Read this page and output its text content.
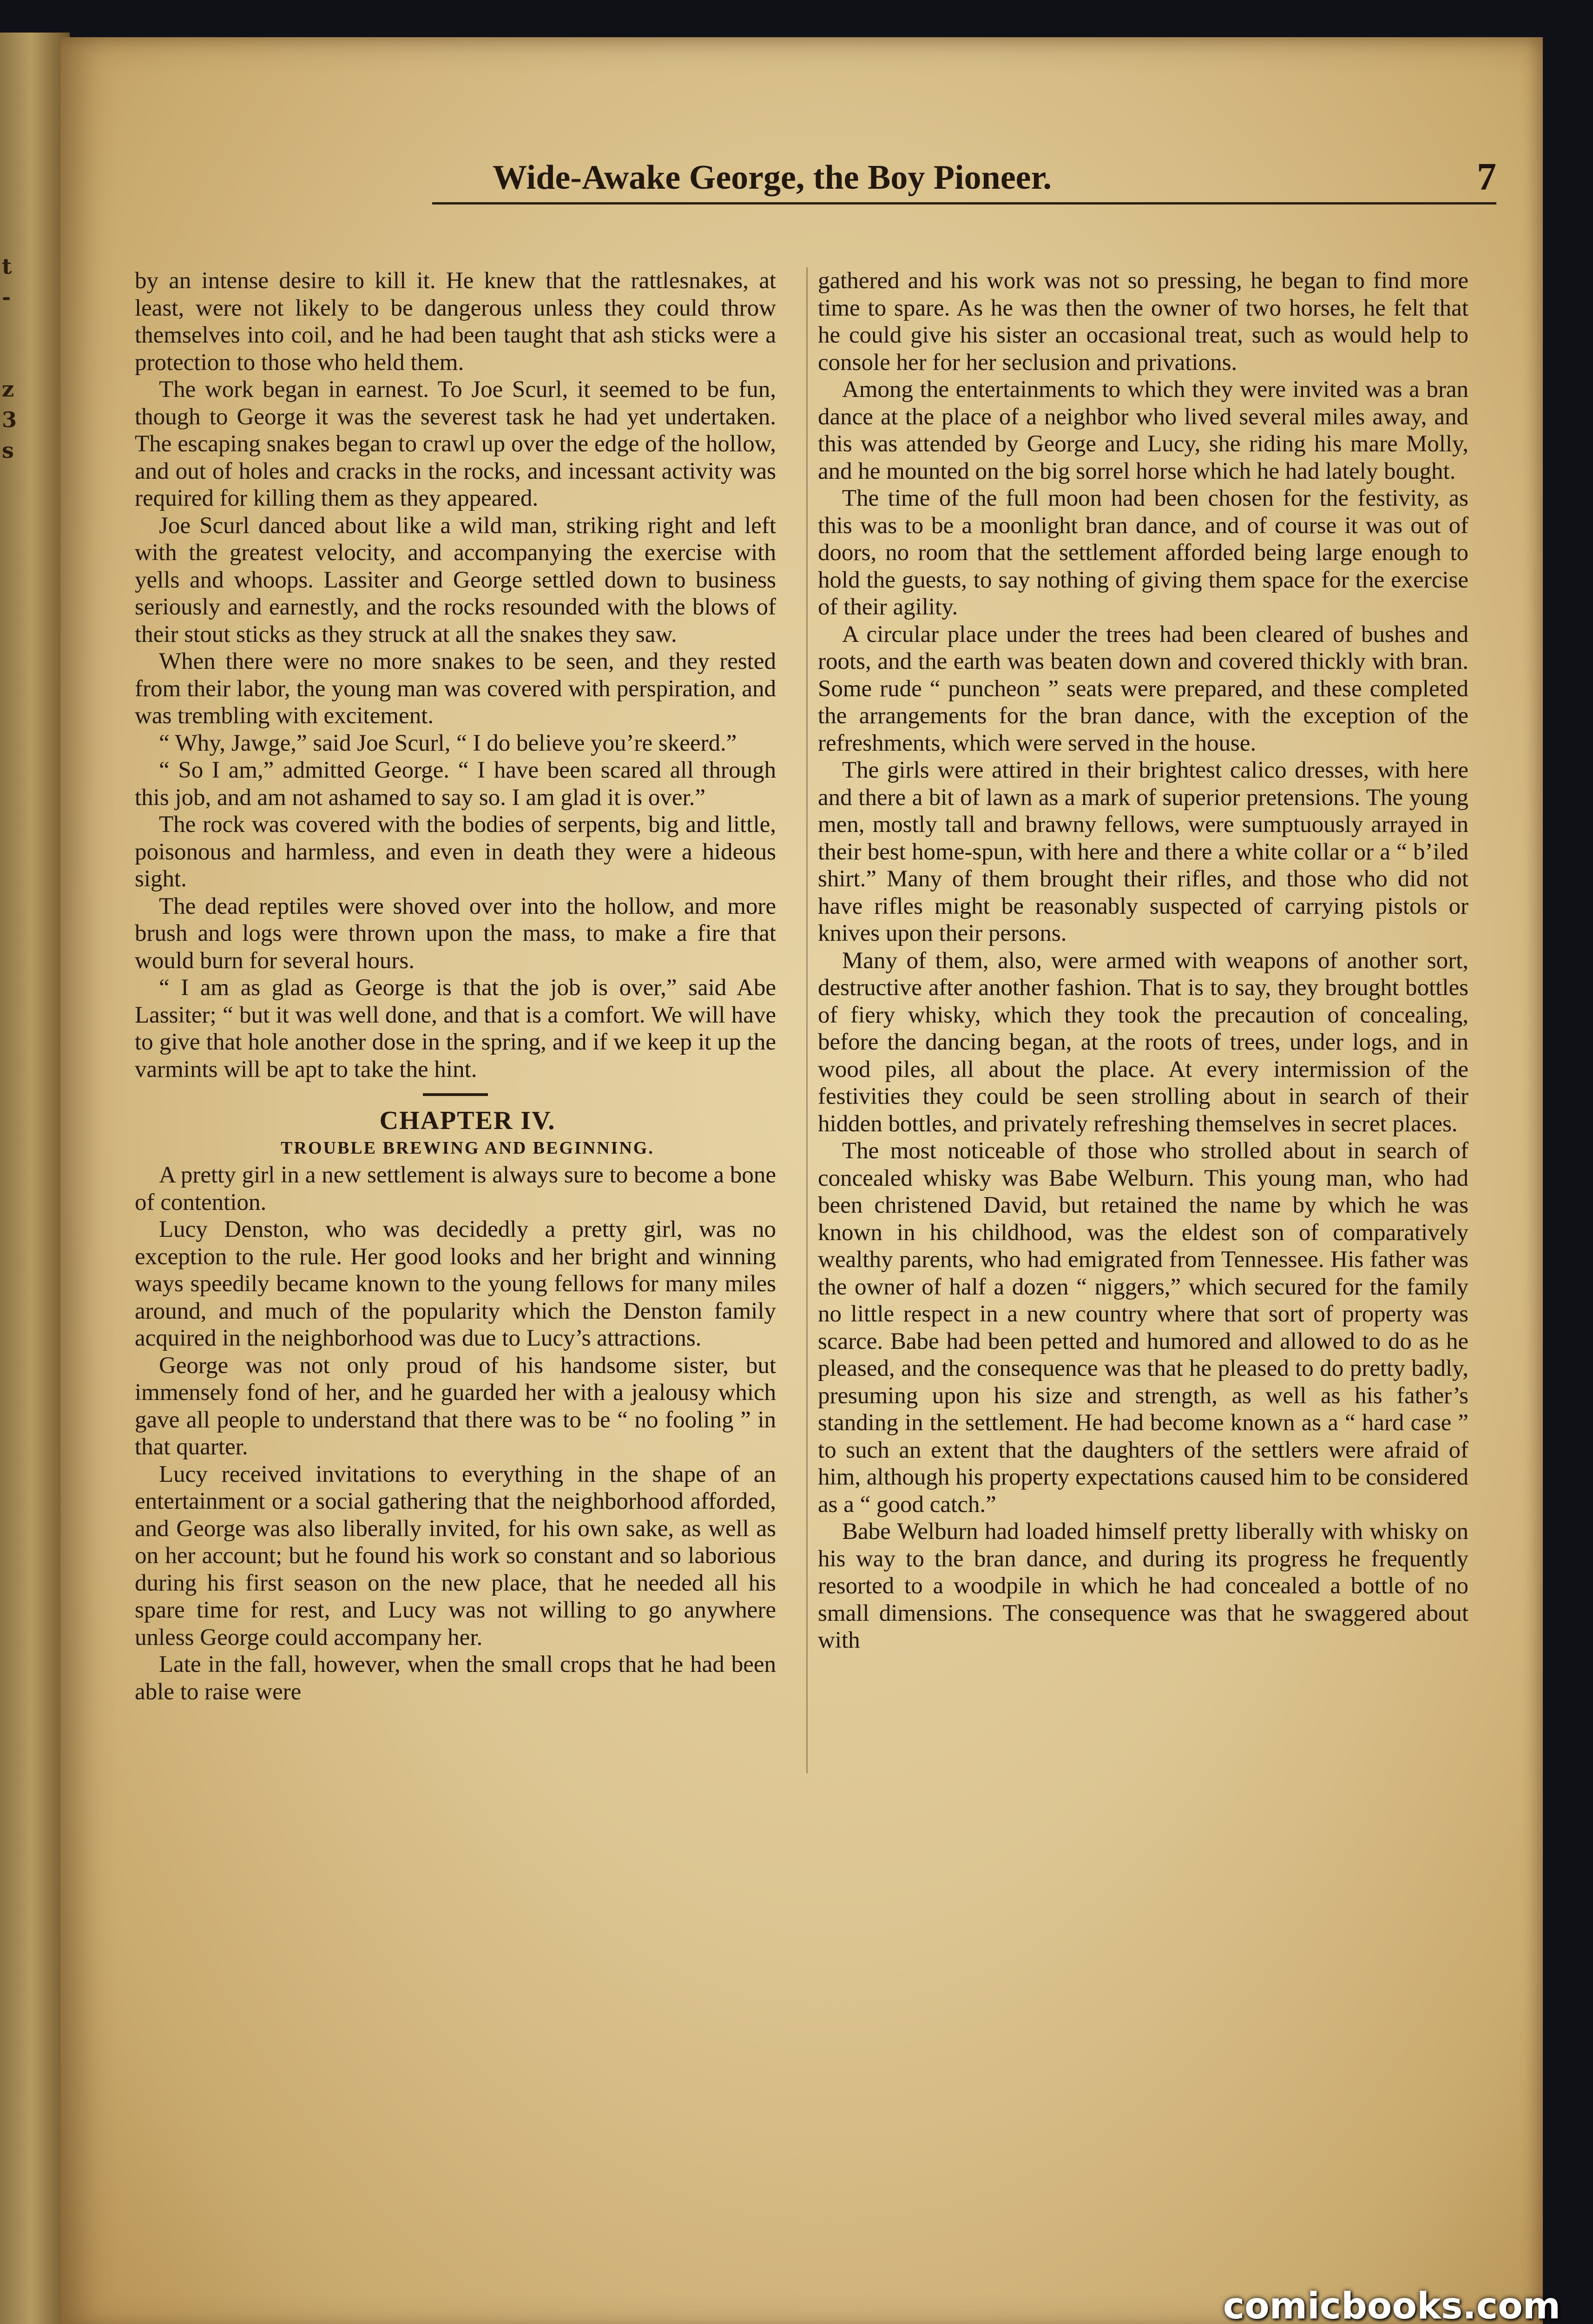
t
-
z
3
s
Wide-Awake George, the Boy Pioneer.	7

by an intense desire to kill it. He knew that the rattlesnakes, at least, were not likely to be dangerous unless they could throw themselves into coil, and he had been taught that ash sticks were a protection to those who held them.

The work began in earnest. To Joe Scurl, it seemed to be fun, though to George it was the severest task he had yet undertaken. The escaping snakes began to crawl up over the edge of the hollow, and out of holes and cracks in the rocks, and incessant activity was required for killing them as they appeared.

Joe Scurl danced about like a wild man, striking right and left with the greatest velocity, and accompanying the exercise with yells and whoops. Lassiter and George settled down to business seriously and earnestly, and the rocks resounded with the blows of their stout sticks as they struck at all the snakes they saw.

When there were no more snakes to be seen, and they rested from their labor, the young man was covered with perspiration, and was trembling with excitement.

“ Why, Jawge,” said Joe Scurl, “ I do believe you’re skeerd.”

“ So I am,” admitted George. “ I have been scared all through this job, and am not ashamed to say so. I am glad it is over.”

The rock was covered with the bodies of serpents, big and little, poisonous and harmless, and even in death they were a hideous sight.

The dead reptiles were shoved over into the hollow, and more brush and logs were thrown upon the mass, to make a fire that would burn for several hours.

“ I am as glad as George is that the job is over,” said Abe Lassiter; “ but it was well done, and that is a comfort. We will have to give that hole another dose in the spring, and if we keep it up the varmints will be apt to take the hint.

CHAPTER IV.

TROUBLE BREWING AND BEGINNING.

A pretty girl in a new settlement is always sure to become a bone of contention.

Lucy Denston, who was decidedly a pretty girl, was no exception to the rule. Her good looks and her bright and winning ways speedily became known to the young fellows for many miles around, and much of the popularity which the Denston family acquired in the neighborhood was due to Lucy’s attractions.

George was not only proud of his handsome sister, but immensely fond of her, and he guarded her with a jealousy which gave all people to understand that there was to be “ no fooling ” in that quarter.

Lucy received invitations to everything in the shape of an entertainment or a social gathering that the neighborhood afforded, and George was also liberally invited, for his own sake, as well as on her account; but he found his work so constant and so laborious during his first season on the new place, that he needed all his spare time for rest, and Lucy was not willing to go anywhere unless George could accompany her.

Late in the fall, however, when the small crops that he had been able to raise were

gathered and his work was not so pressing, he began to find more time to spare. As he was then the owner of two horses, he felt that he could give his sister an occasional treat, such as would help to console her for her seclusion and privations.

Among the entertainments to which they were invited was a bran dance at the place of a neighbor who lived several miles away, and this was attended by George and Lucy, she riding his mare Molly, and he mounted on the big sorrel horse which he had lately bought.

The time of the full moon had been chosen for the festivity, as this was to be a moonlight bran dance, and of course it was out of doors, no room that the settlement afforded being large enough to hold the guests, to say nothing of giving them space for the exercise of their agility.

A circular place under the trees had been cleared of bushes and roots, and the earth was beaten down and covered thickly with bran. Some rude “ puncheon ” seats were prepared, and these completed the arrangements for the bran dance, with the exception of the refreshments, which were served in the house.

The girls were attired in their brightest calico dresses, with here and there a bit of lawn as a mark of superior pretensions. The young men, mostly tall and brawny fellows, were sumptuously arrayed in their best home-spun, with here and there a white collar or a “ b’iled shirt.” Many of them brought their rifles, and those who did not have rifles might be reasonably suspected of carrying pistols or knives upon their persons.

Many of them, also, were armed with weapons of another sort, destructive after another fashion. That is to say, they brought bottles of fiery whisky, which they took the precaution of concealing, before the dancing began, at the roots of trees, under logs, and in wood piles, all about the place. At every intermission of the festivities they could be seen strolling about in search of their hidden bottles, and privately refreshing themselves in secret places.

The most noticeable of those who strolled about in search of concealed whisky was Babe Welburn. This young man, who had been christened David, but retained the name by which he was known in his childhood, was the eldest son of comparatively wealthy parents, who had emigrated from Tennessee. His father was the owner of half a dozen “ niggers,” which secured for the family no little respect in a new country where that sort of property was scarce. Babe had been petted and humored and allowed to do as he pleased, and the consequence was that he pleased to do pretty badly, presuming upon his size and strength, as well as his father’s standing in the settlement. He had become known as a “ hard case ” to such an extent that the daughters of the settlers were afraid of him, although his property expectations caused him to be considered as a “ good catch.”

Babe Welburn had loaded himself pretty liberally with whisky on his way to the bran dance, and during its progress he frequently resorted to a woodpile in which he had concealed a bottle of no small dimensions. The consequence was that he swaggered about with

comicbooks.com
